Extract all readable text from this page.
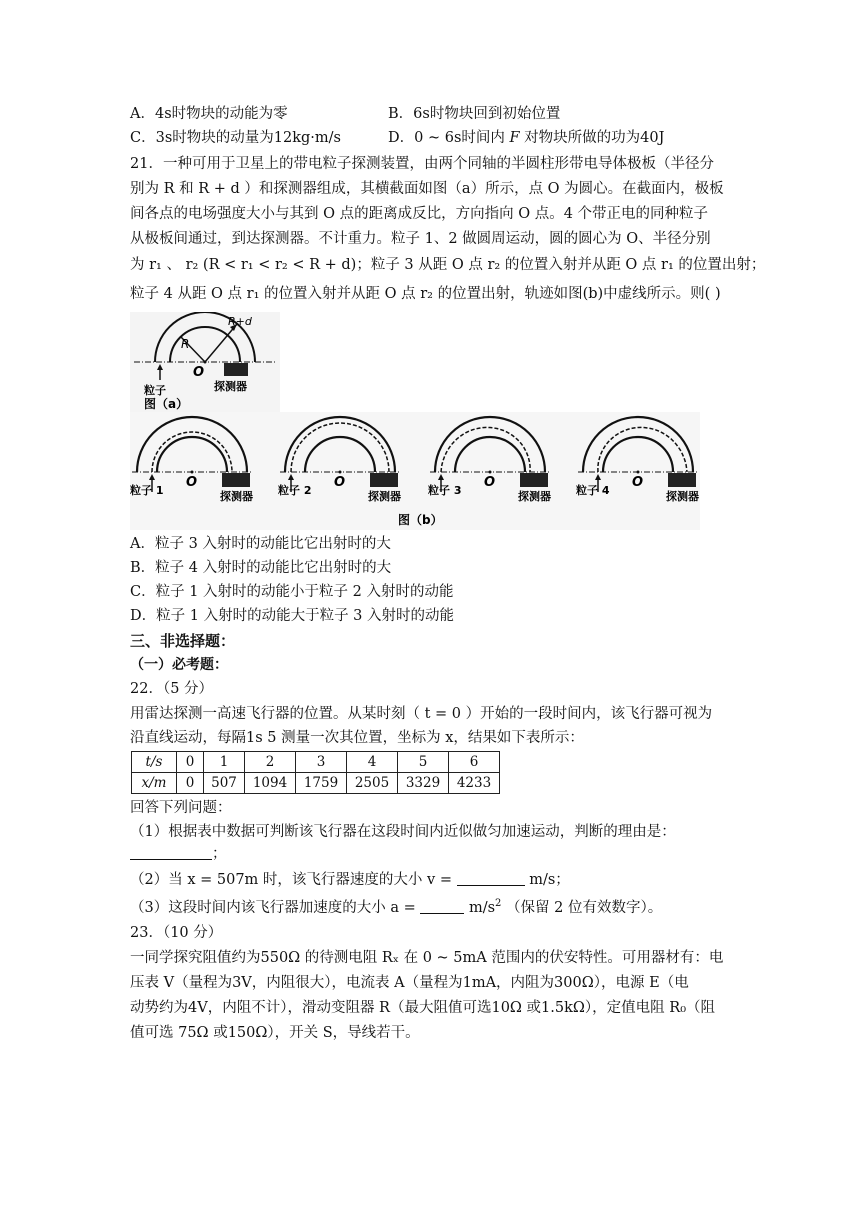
A．4s时物块的动能为零	B．6s时物块回到初始位置
C．3s时物块的动量为12kg·m/s	D．0 ~ 6s时间内 F 对物块所做的功为40J
21．一种可用于卫星上的带电粒子探测装置，由两个同轴的半圆柱形带电导体极板（半径分
别为 R 和 R + d ）和探测器组成，其横截面如图（a）所示，点 O 为圆心。在截面内，极板
间各点的电场强度大小与其到 O 点的距离成反比，方向指向 O 点。4 个带正电的同种粒子
从极板间通过，到达探测器。不计重力。粒子 1、2 做圆周运动，圆的圆心为 O、半径分别
为 r₁ 、 r₂ (R < r₁ < r₂ < R + d)；粒子 3 从距 O 点 r₂ 的位置入射并从距 O 点 r₁ 的位置出射；
粒子 4 从距 O 点 r₁ 的位置入射并从距 O 点 r₂ 的位置出射，轨迹如图(b)中虚线所示。则( )
R
R+d
O
粒子	探测器
图（a）
O
粒子 1	探测器
O
粒子 2	探测器
O
粒子 3	探测器
O
粒子 4	探测器
图（b）
A．粒子 3 入射时的动能比它出射时的大
B．粒子 4 入射时的动能比它出射时的大
C．粒子 1 入射时的动能小于粒子 2 入射时的动能
D．粒子 1 入射时的动能大于粒子 3 入射时的动能
三、非选择题：
（一）必考题：
22．（5 分）
用雷达探测一高速飞行器的位置。从某时刻（ t = 0 ）开始的一段时间内，该飞行器可视为
沿直线运动，每隔1s 5 测量一次其位置，坐标为 x，结果如下表所示：
t/s	0	1	2	3	4	5	6
x/m	0	507	1094	1759	2505	3329	4233
回答下列问题：
（1）根据表中数据可判断该飞行器在这段时间内近似做匀加速运动，判断的理由是：
；
（2）当 x = 507m 时，该飞行器速度的大小 v =	m/s；
（3）这段时间内该飞行器加速度的大小 a =	$m/s^2$ （保留 2 位有效数字）。
23．（10 分）
一同学探究阻值约为550Ω 的待测电阻 Rₓ 在 0 ~ 5mA 范围内的伏安特性。可用器材有：电
压表 V（量程为3V，内阻很大），电流表 A（量程为1mA，内阻为300Ω），电源 E（电
动势约为4V，内阻不计），滑动变阻器 R（最大阻值可选10Ω 或1.5kΩ），定值电阻 R₀（阻
值可选 75Ω 或150Ω），开关 S，导线若干。
